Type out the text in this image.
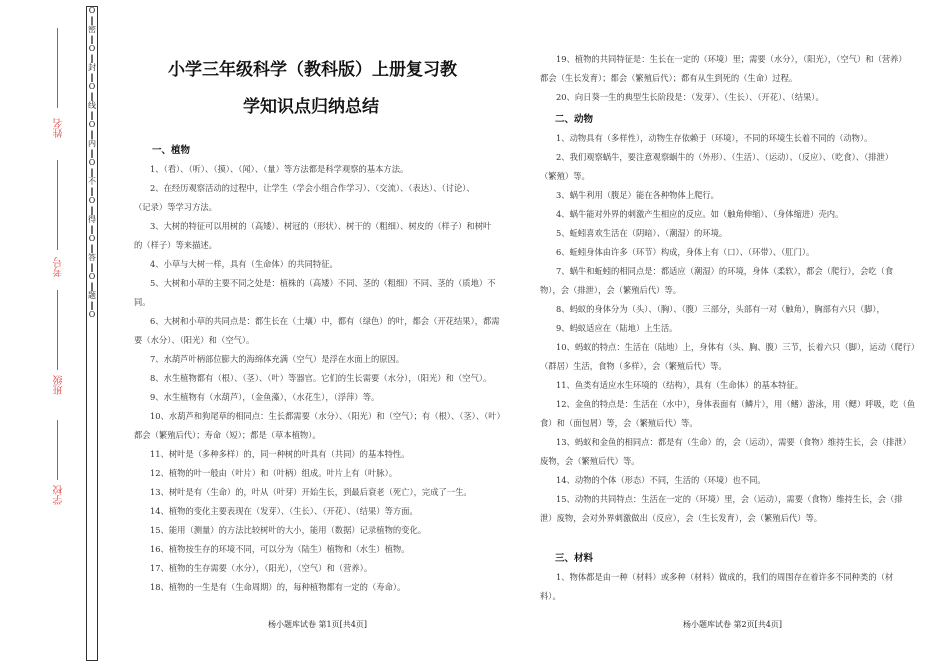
O
‖
密
‖
O
‖
封
‖
O
‖
线
‖
O
‖
内
‖
O
‖
不
‖
O
‖
得
‖
O
‖
答
‖
O
‖
题
‖
O
姓名
考号
班级
学校

小学三年级科学（教科版）上册复习教

学知识点归纳总结

一、植物

1、（看）、（听）、（摸）、（闻）、（量）等方法都是科学观察的基本方法。

2、在经历观察活动的过程中，让学生（学会小组合作学习）、（交流）、（表达）、（讨论）、

（记录）等学习方法。

3、大树的特征可以用树的（高矮）、树冠的（形状）、树干的（粗细）、树皮的（样子）和树叶

的（样子）等来描述。

4、小草与大树一样，具有（生命体）的共同特征。

5、大树和小草的主要不同之处是：植株的（高矮）不同、茎的（粗细）不同、茎的（质地）不

同。

6、大树和小草的共同点是：都生长在（土壤）中，都有（绿色）的叶，都会（开花结果），都需

要（水分）、（阳光）和（空气）。

7、水葫芦叶柄部位膨大的海绵体充满（空气）是浮在水面上的原因。

8、水生植物都有（根）、（茎）、（叶）等器官。它们的生长需要（水分），（阳光）和（空气）。

9、水生植物有（水葫芦），（金鱼藻），（水花生），（浮萍）等。

10、水葫芦和狗尾草的相同点：生长都需要（水分）、（阳光）和（空气）；有（根）、（茎）、（叶）

都会（繁殖后代）；寿命（短）；都是（草本植物）。

11、树叶是（多种多样）的，同一种树的叶具有（共同）的基本特性。

12、植物的叶一般由（叶片）和（叶柄）组成。叶片上有（叶脉）。

13、树叶是有（生命）的，叶从（叶芽）开始生长，到最后衰老（死亡），完成了一生。

14、植物的变化主要表现在（发芽）、（生长）、（开花）、（结果）等方面。

15、能用（测量）的方法比较树叶的大小，能用（数据）记录植物的变化。

16、植物按生存的环境不同，可以分为（陆生）植物和（水生）植物。

17、植物的生存需要（水分），（阳光），（空气）和（营养）。

18、植物的一生是有（生命周期）的，每种植物都有一定的（寿命）。

杨小题库试卷 第1页[共4页]

19、植物的共同特征是：生长在一定的（环境）里；需要（水分），（阳光），（空气）和（营养）

都会（生长发育）；都会（繁殖后代）；都有从生到死的（生命）过程。

20、向日葵一生的典型生长阶段是：（发芽）、（生长）、（开花）、（结果）。

二、动物

1、动物具有（多样性），动物生存依赖于（环境），不同的环境生长着不同的（动物）。

2、我们观察蜗牛，要注意观察蜗牛的（外形）、（生活）、（运动）、（反应）、（吃食）、（排泄）

（繁殖）等。

3、蜗牛利用（腹足）能在各种物体上爬行。

4、蜗牛能对外界的刺激产生相应的反应。如（触角伸缩）、（身体缩进）壳内。

5、蚯蚓喜欢生活在（阴暗）、（潮湿）的环境。

6、蚯蚓身体由许多（环节）构成，身体上有（口）、（环带）、（肛门）。

7、蜗牛和蚯蚓的相同点是：都适应（潮湿）的环境，身体（柔软），都会（爬行），会吃（食

物），会（排泄），会（繁殖后代）等。

8、蚂蚁的身体分为（头）、（胸）、（腹）三部分，头部有一对（触角），胸部有六只（脚），

9、蚂蚁适应在（陆地）上生活。

10、蚂蚁的特点：生活在（陆地）上，身体有（头、胸、腹）三节，长着六只（脚），运动（爬行）

（群居）生活，食物（多样），会（繁殖后代）等。

11、鱼类有适应水生环境的（结构），具有（生命体）的基本特征。

12、金鱼的特点是：生活在（水中），身体表面有（鳞片），用（鳍）游泳，用（鳃）呼吸，吃（鱼

食）和（面包屑）等，会（繁殖后代）等。

13、蚂蚁和金鱼的相同点：都是有（生命）的，会（运动），需要（食物）维持生长，会（排泄）

废物，会（繁殖后代）等。

14、动物的个体（形态）不同，生活的（环境）也不同。

15、动物的共同特点：生活在一定的（环境）里，会（运动），需要（食物）维持生长，会（排

泄）废物，会对外界刺激做出（反应），会（生长发育），会（繁殖后代）等。

三、材料

1、物体都是由一种（材料）或多种（材料）做成的，我们的周围存在着许多不同种类的（材

料）。

杨小题库试卷 第2页[共4页]
